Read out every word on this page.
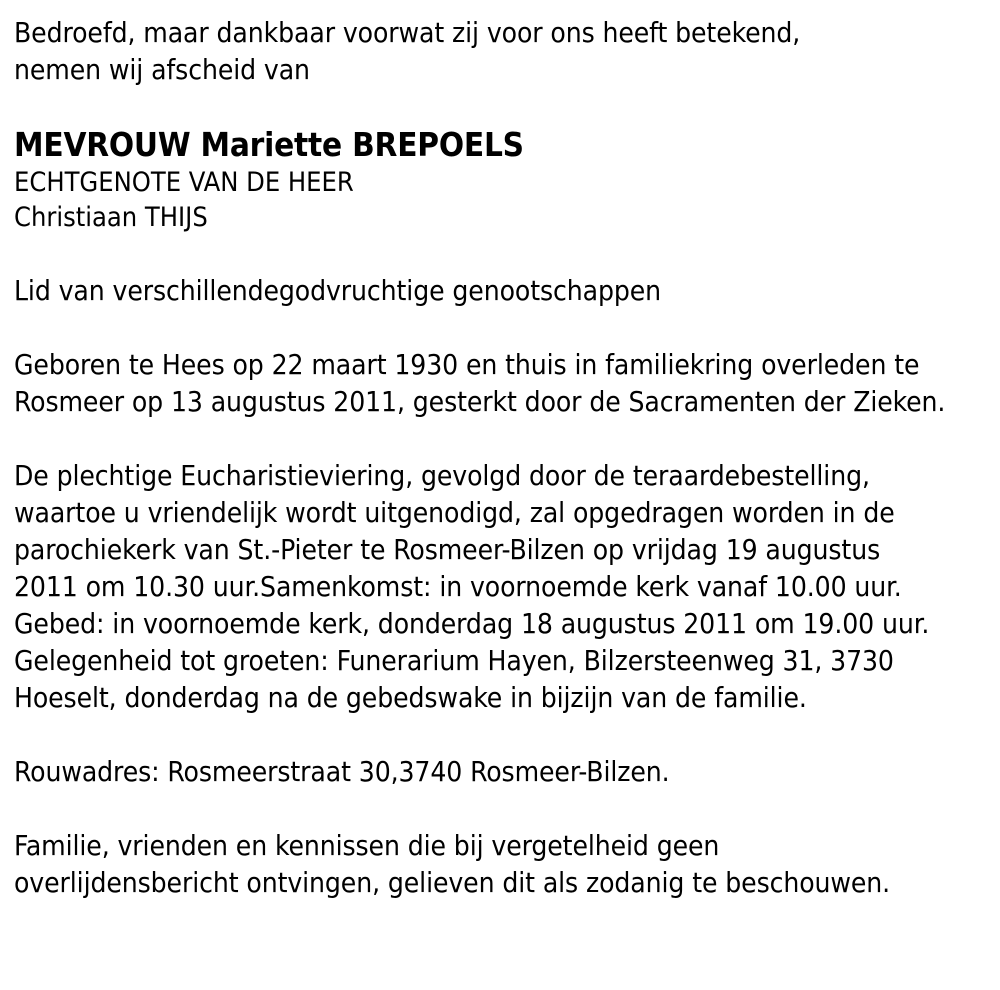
Bedroefd, maar dankbaar voorwat zij voor ons heeft betekend,
nemen wij afscheid van
MEVROUW Mariette BREPOELS
ECHTGENOTE VAN DE HEER
Christiaan THIJS
Lid van verschillendegodvruchtige genootschappen
Geboren te Hees op 22 maart 1930 en thuis in familiekring overleden te
Rosmeer op 13 augustus 2011, gesterkt door de Sacramenten der Zieken.
De plechtige Eucharistieviering, gevolgd door de teraardebestelling,
waartoe u vriendelijk wordt uitgenodigd, zal opgedragen worden in de
parochiekerk van St.-Pieter te Rosmeer-Bilzen op vrijdag 19 augustus
2011 om 10.30 uur.Samenkomst: in voornoemde kerk vanaf 10.00 uur.
Gebed: in voornoemde kerk, donderdag 18 augustus 2011 om 19.00 uur.
Gelegenheid tot groeten: Funerarium Hayen, Bilzersteenweg 31, 3730
Hoeselt, donderdag na de gebedswake in bijzijn van de familie.
Rouwadres: Rosmeerstraat 30,3740 Rosmeer-Bilzen.
Familie, vrienden en kennissen die bij vergetelheid geen
overlijdensbericht ontvingen, gelieven dit als zodanig te beschouwen.
